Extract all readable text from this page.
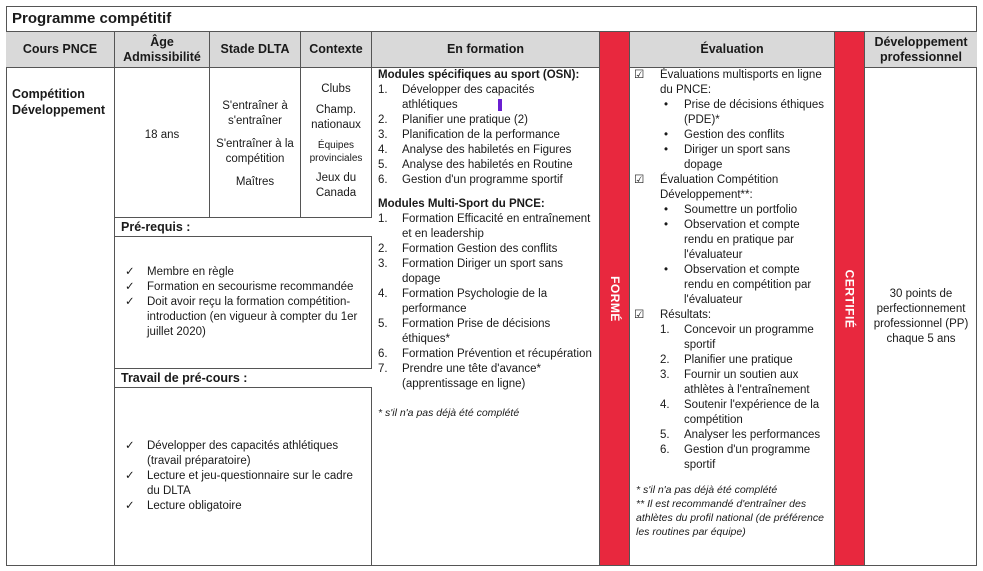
Programme compétitif
Cours PNCE
Âge Admissibilité
Stade DLTA	Contexte	En formation
FORMÉ
Évaluation
CERTIFIÉ
Développement professionnel
Compétition Développement
18 ans
S'entraîner à s'entraîner
S'entraîner à la compétition
Maîtres
Clubs
Champ. nationaux
Équipes provinciales
Jeux du Canada
Pré-requis :
✓ Membre en règle
✓ Formation en secourisme recommandée
✓ Doit avoir reçu la formation compétition-introduction (en vigueur à compter du 1er juillet 2020)
Travail de pré-cours :
✓ Développer des capacités athlétiques (travail préparatoire)
✓ Lecture et jeu-questionnaire sur le cadre du DLTA
✓ Lecture obligatoire
Modules spécifiques au sport (OSN):
1. Développer des capacités athlétiques
2. Planifier une pratique (2)
3. Planification de la performance
4. Analyse des habiletés en Figures
5. Analyse des habiletés en Routine
6. Gestion d'un programme sportif
Modules Multi-Sport du PNCE:
1. Formation Efficacité en entraînement et en leadership
2. Formation Gestion des conflits
3. Formation Diriger un sport sans dopage
4. Formation Psychologie de la performance
5. Formation Prise de décisions éthiques*
6. Formation Prévention et récupération
7. Prendre une tête d'avance* (apprentissage en ligne)
* s'il n'a pas déjà été complété
☑ Évaluations multisports en ligne du PNCE:
• Prise de décisions éthiques (PDE)*
• Gestion des conflits
• Diriger un sport sans dopage
☑ Évaluation Compétition Développement**:
• Soumettre un portfolio
• Observation et compte rendu en pratique par l'évaluateur
• Observation et compte rendu en compétition par l'évaluateur
☑ Résultats:
1. Concevoir un programme sportif
2. Planifier une pratique
3. Fournir un soutien aux athlètes à l'entraînement
4. Soutenir l'expérience de la compétition
5. Analyser les performances
6. Gestion d'un programme sportif
* s'il n'a pas déjà été complété
** Il est recommandé d'entraîner des athlètes du profil national (de préférence les routines par équipe)
30 points de perfectionnement professionnel (PP) chaque 5 ans
